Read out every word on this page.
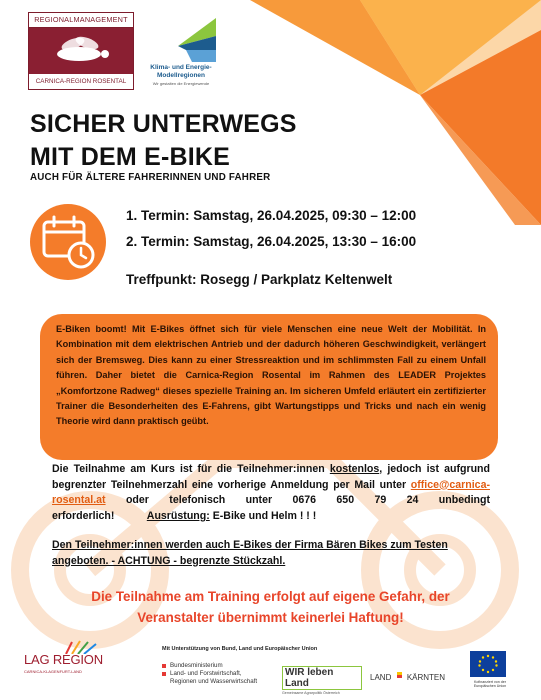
REGIONALMANAGEMENT
CARNICA-REGION ROSENTAL
Klima- und Energie-
Modellregionen
Wir gestalten die Energiewende
SICHER UNTERWEGS
MIT DEM E-BIKE
AUCH FÜR ÄLTERE FAHRERINNEN UND FAHRER
1. Termin: Samstag, 26.04.2025, 09:30 – 12:00
2. Termin: Samstag, 26.04.2025, 13:30 – 16:00
Treffpunkt: Rosegg / Parkplatz Keltenwelt
E-Biken boomt! Mit E-Bikes öffnet sich für viele Menschen eine neue Welt der Mobilität. In Kombination mit dem elektrischen Antrieb und der dadurch höheren Geschwindigkeit, verlängert sich der Bremsweg. Dies kann zu einer Stressreaktion und im schlimmsten Fall zu einem Unfall führen. Daher bietet die Carnica-Region Rosental im Rahmen des LEADER Projektes „Komfortzone Radweg“ dieses spezielle Training an. Im sicheren Umfeld erläutert ein zertifizierter Trainer die Besonderheiten des E-Fahrens, gibt Wartungstipps und Tricks und nach ein wenig Theorie wird dann praktisch geübt.
Die Teilnahme am Kurs ist für die Teilnehmer:innen kostenlos, jedoch ist aufgrund begrenzter Teilnehmerzahl eine vorherige Anmeldung per Mail unter office@carnica-rosental.at oder telefonisch unter 0676 650 79 24 unbedingt erforderlich!	Ausrüstung: E-Bike und Helm ! ! !
Den Teilnehmer:innen werden auch E-Bikes der Firma Bären Bikes zum Testen angeboten. - ACHTUNG - begrenzte Stückzahl.
Die Teilnahme am Training erfolgt auf eigene Gefahr, der
Veranstalter übernimmt keinerlei Haftung!
LAG REGION
CARNICA-KLAGENFURT-LAND
Mit Unterstützung von Bund, Land und Europäischer Union
Bundesministerium
Land- und Forstwirtschaft,
Regionen und Wasserwirtschaft
WIR leben Land
Gemeinsame Agrarpolitik Österreich
LAND KÄRNTEN	Kofinanziert von der Europäischen Union
